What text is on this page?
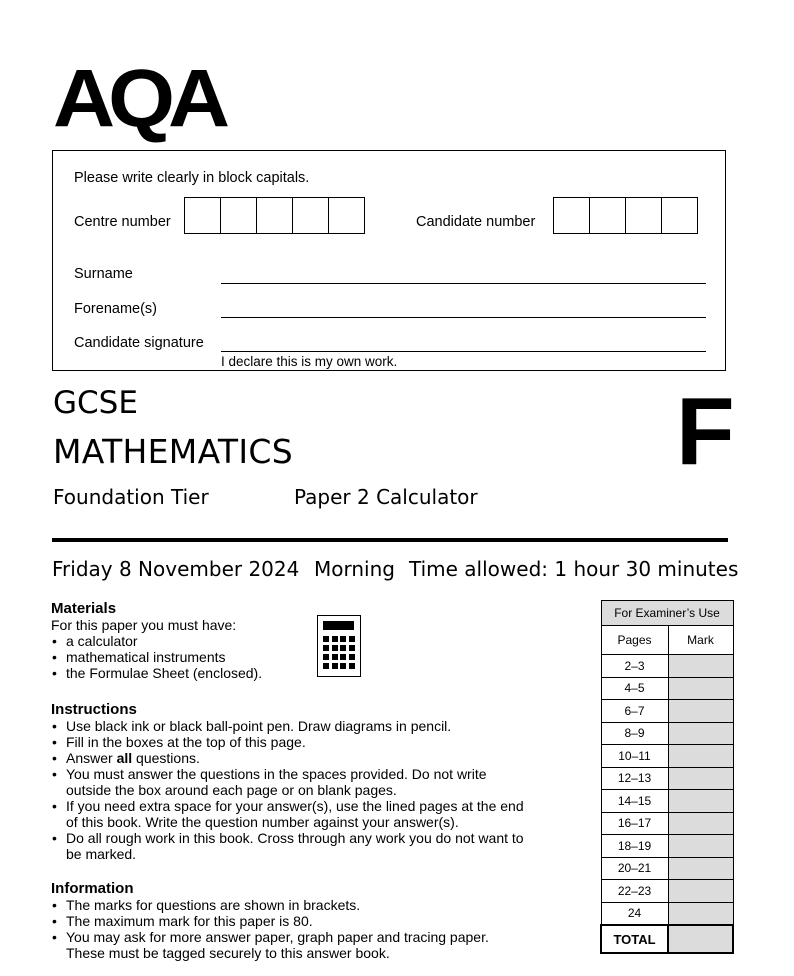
AQA
Please write clearly in block capitals.
Centre number	Candidate number
Surname
Forename(s)
Candidate signature
I declare this is my own work.
GCSE
MATHEMATICS
Foundation Tier	Paper 2 Calculator
F
Friday 8 November 2024 Morning Time allowed: 1 hour 30 minutes
Materials
For this paper you must have:
• a calculator
• mathematical instruments
• the Formulae Sheet (enclosed).
Instructions
• Use black ink or black ball-point pen. Draw diagrams in pencil.
• Fill in the boxes at the top of this page.
• Answer all questions.
• You must answer the questions in the spaces provided. Do not write
outside the box around each page or on blank pages.
• If you need extra space for your answer(s), use the lined pages at the end
of this book. Write the question number against your answer(s).
• Do all rough work in this book. Cross through any work you do not want to
be marked.
Information
• The marks for questions are shown in brackets.
• The maximum mark for this paper is 80.
• You may ask for more answer paper, graph paper and tracing paper.
These must be tagged securely to this answer book.
For Examiner’s Use	
Pages	Mark
2–3	
4–5	
6–7	
8–9	
10–11	
12–13	
14–15	
16–17	
18–19	
20–21	
22–23	
24	
TOTAL	
